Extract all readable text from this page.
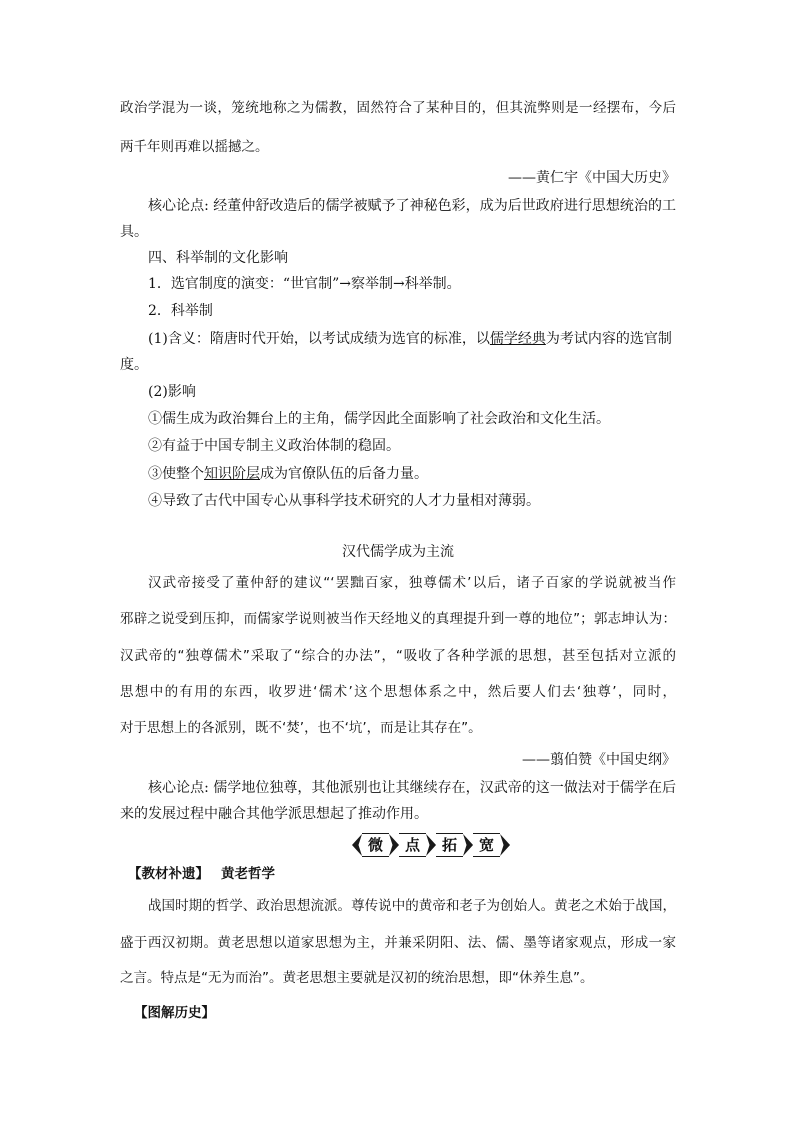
政治学混为一谈，笼统地称之为儒教，固然符合了某种目的，但其流弊则是一经摆布，今后
两千年则再难以摇撼之。
——黄仁宇《中国大历史》
核心论点: 经董仲舒改造后的儒学被赋予了神秘色彩，成为后世政府进行思想统治的工
具。
四、科举制的文化影响
1．选官制度的演变：“世官制”→察举制→科举制。
2．科举制
(1)含义：隋唐时代开始，以考试成绩为选官的标准，以儒学经典为考试内容的选官制
度。
(2)影响
①儒生成为政治舞台上的主角，儒学因此全面影响了社会政治和文化生活。
②有益于中国专制主义政治体制的稳固。
③使整个知识阶层成为官僚队伍的后备力量。
④导致了古代中国专心从事科学技术研究的人才力量相对薄弱。
汉代儒学成为主流
汉武帝接受了董仲舒的建议“‘罢黜百家，独尊儒术’以后，诸子百家的学说就被当作
邪辟之说受到压抑，而儒家学说则被当作天经地义的真理提升到一尊的地位”；郭志坤认为：
汉武帝的“独尊儒术”采取了“综合的办法”，“吸收了各种学派的思想，甚至包括对立派的
思想中的有用的东西，收罗进‘儒术’这个思想体系之中，然后要人们去‘独尊’，同时，
对于思想上的各派别，既不‘焚’，也不‘坑’，而是让其存在”。
——翦伯赞《中国史纲》
核心论点: 儒学地位独尊，其他派别也让其继续存在，汉武帝的这一做法对于儒学在后
来的发展过程中融合其他学派思想起了推动作用。
微	点	拓	宽
【教材补遗】 黄老哲学
战国时期的哲学、政治思想流派。尊传说中的黄帝和老子为创始人。黄老之术始于战国，
盛于西汉初期。黄老思想以道家思想为主，并兼采阴阳、法、儒、墨等诸家观点，形成一家
之言。特点是“无为而治”。黄老思想主要就是汉初的统治思想，即“休养生息”。
【图解历史】
